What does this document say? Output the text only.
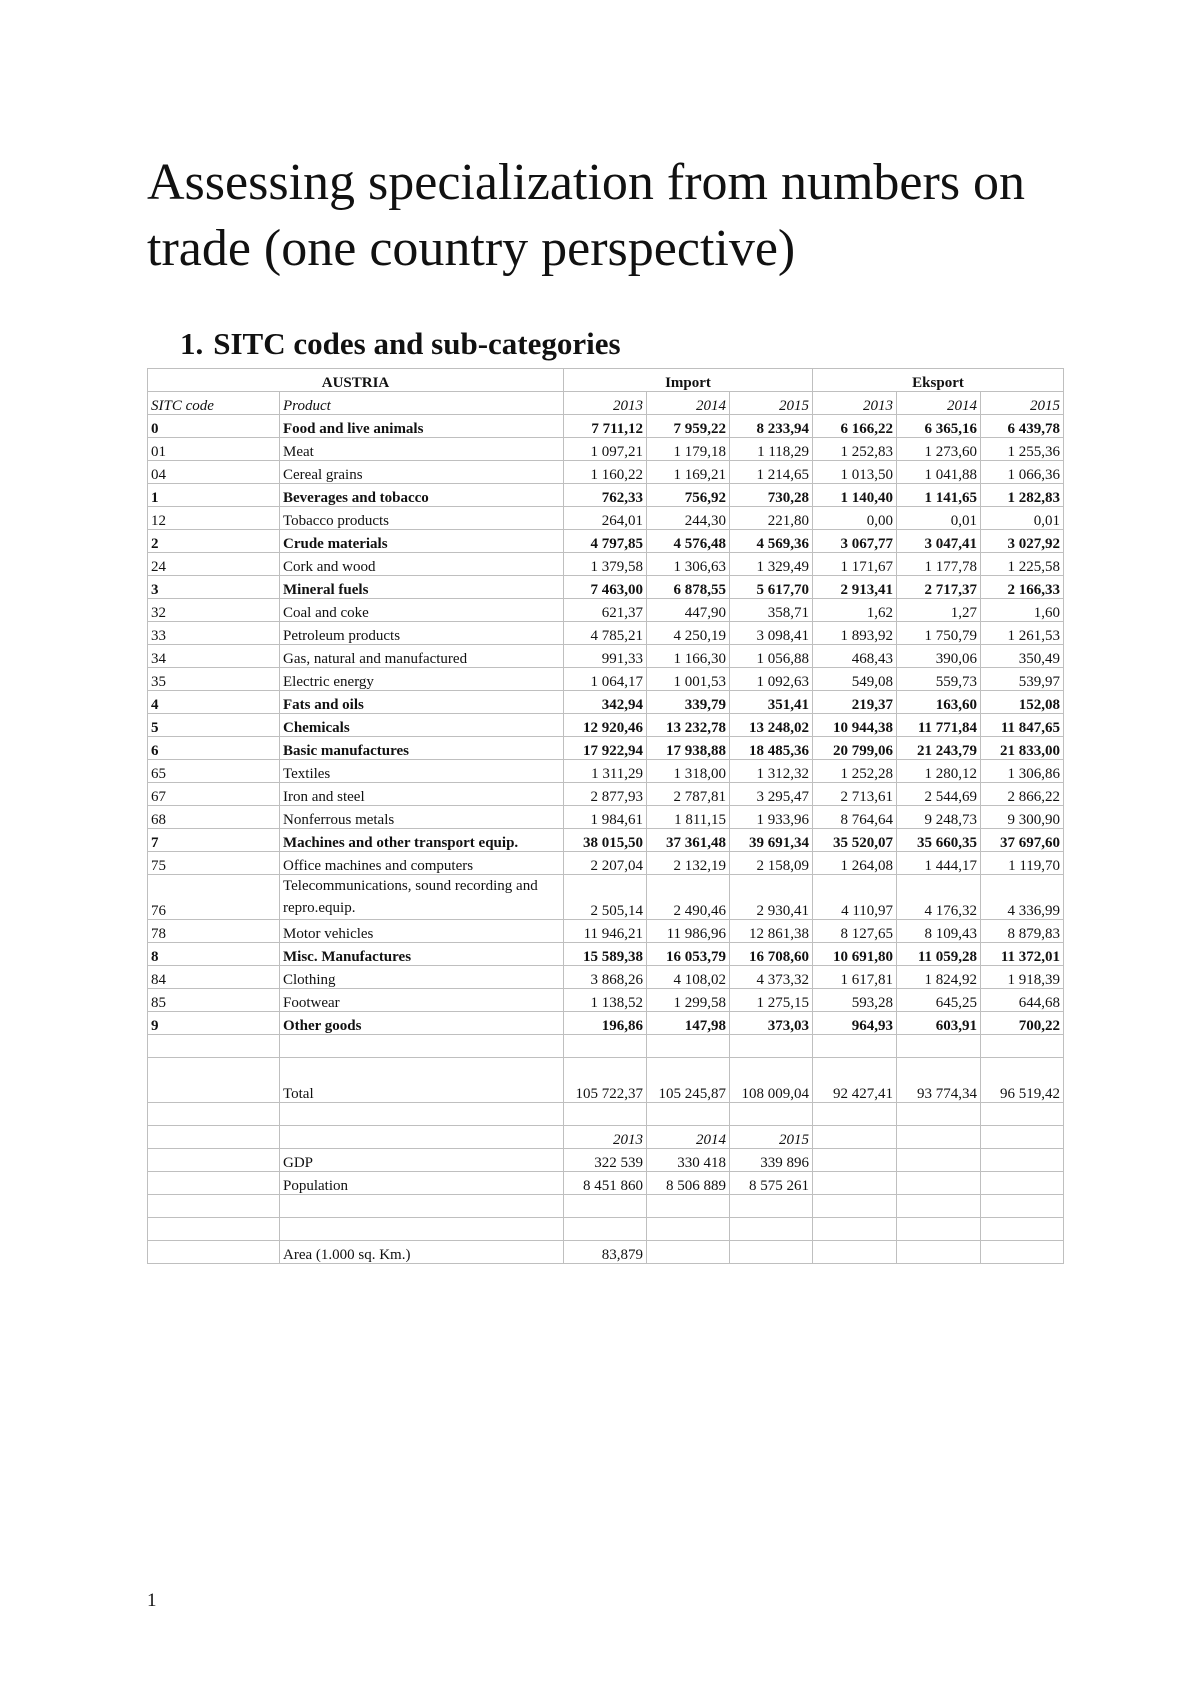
Assessing specialization from numbers on trade (one country perspective)
1. SITC codes and sub-categories
AUSTRIA		Import			Eksport		
SITC code	Product	2013	2014	2015	2013	2014	2015
0	Food and live animals	7 711,12	7 959,22	8 233,94	6 166,22	6 365,16	6 439,78
01	Meat	1 097,21	1 179,18	1 118,29	1 252,83	1 273,60	1 255,36
04	Cereal grains	1 160,22	1 169,21	1 214,65	1 013,50	1 041,88	1 066,36
1	Beverages and tobacco	762,33	756,92	730,28	1 140,40	1 141,65	1 282,83
12	Tobacco products	264,01	244,30	221,80	0,00	0,01	0,01
2	Crude materials	4 797,85	4 576,48	4 569,36	3 067,77	3 047,41	3 027,92
24	Cork and wood	1 379,58	1 306,63	1 329,49	1 171,67	1 177,78	1 225,58
3	Mineral fuels	7 463,00	6 878,55	5 617,70	2 913,41	2 717,37	2 166,33
32	Coal and coke	621,37	447,90	358,71	1,62	1,27	1,60
33	Petroleum products	4 785,21	4 250,19	3 098,41	1 893,92	1 750,79	1 261,53
34	Gas, natural and manufactured	991,33	1 166,30	1 056,88	468,43	390,06	350,49
35	Electric energy	1 064,17	1 001,53	1 092,63	549,08	559,73	539,97
4	Fats and oils	342,94	339,79	351,41	219,37	163,60	152,08
5	Chemicals	12 920,46	13 232,78	13 248,02	10 944,38	11 771,84	11 847,65
6	Basic manufactures	17 922,94	17 938,88	18 485,36	20 799,06	21 243,79	21 833,00
65	Textiles	1 311,29	1 318,00	1 312,32	1 252,28	1 280,12	1 306,86
67	Iron and steel	2 877,93	2 787,81	3 295,47	2 713,61	2 544,69	2 866,22
68	Nonferrous metals	1 984,61	1 811,15	1 933,96	8 764,64	9 248,73	9 300,90
7	Machines and other transport equip.	38 015,50	37 361,48	39 691,34	35 520,07	35 660,35	37 697,60
75	Office machines and computers	2 207,04	2 132,19	2 158,09	1 264,08	1 444,17	1 119,70
76	Telecommunications, sound recording and repro.equip.	2 505,14	2 490,46	2 930,41	4 110,97	4 176,32	4 336,99
78	Motor vehicles	11 946,21	11 986,96	12 861,38	8 127,65	8 109,43	8 879,83
8	Misc. Manufactures	15 589,38	16 053,79	16 708,60	10 691,80	11 059,28	11 372,01
84	Clothing	3 868,26	4 108,02	4 373,32	1 617,81	1 824,92	1 918,39
85	Footwear	1 138,52	1 299,58	1 275,15	593,28	645,25	644,68
9	Other goods	196,86	147,98	373,03	964,93	603,91	700,22

	Total	105 722,37	105 245,87	108 009,04	92 427,41	93 774,34	96 519,42

		2013	2014	2015			
	GDP	322 539	330 418	339 896			
	Population	8 451 860	8 506 889	8 575 261			

	Area (1.000 sq. Km.)	83,879					
1
